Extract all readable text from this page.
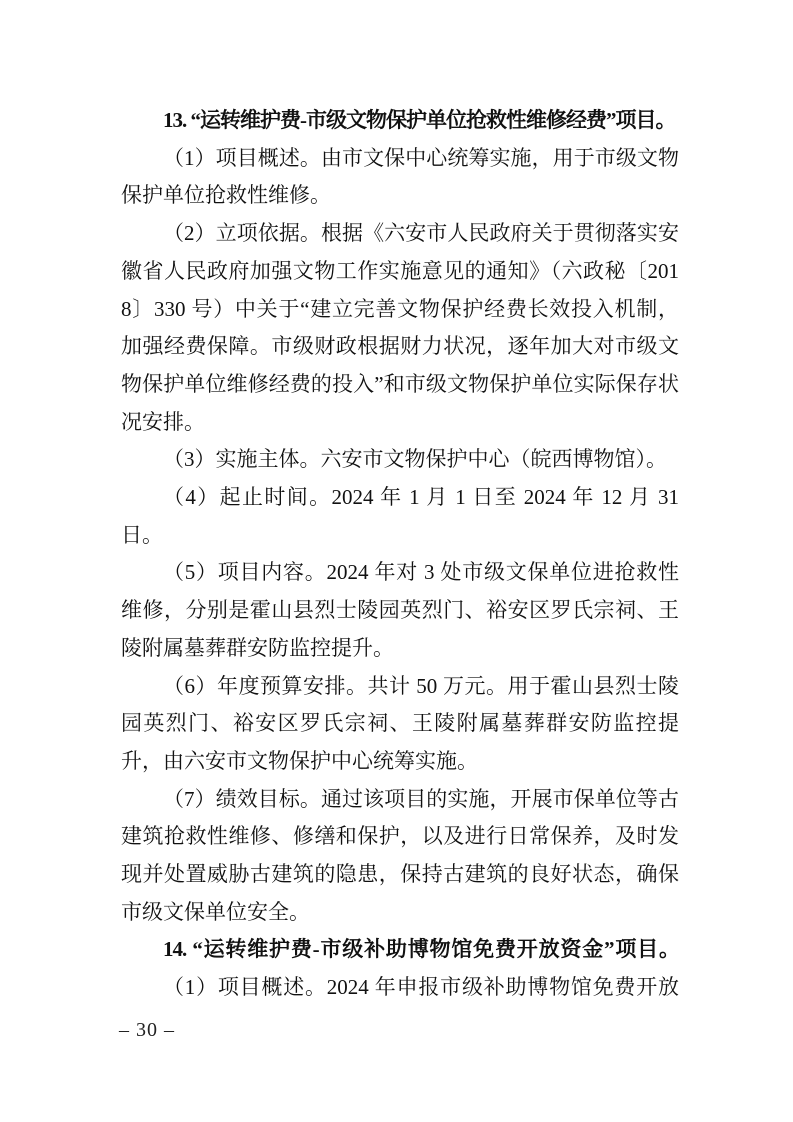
13. “运转维护费-市级文物保护单位抢救性维修经费”项目。

（1）项目概述。由市文保中心统筹实施，用于市级文物保护单位抢救性维修。

（2）立项依据。根据《六安市人民政府关于贯彻落实安徽省人民政府加强文物工作实施意见的通知》（六政秘〔2018〕330 号）中关于“建立完善文物保护经费长效投入机制，加强经费保障。市级财政根据财力状况，逐年加大对市级文物保护单位维修经费的投入”和市级文物保护单位实际保存状况安排。

（3）实施主体。六安市文物保护中心（皖西博物馆）。

（4）起止时间。2024 年 1 月 1 日至 2024 年 12 月 31 日。

（5）项目内容。2024 年对 3 处市级文保单位进抢救性维修，分别是霍山县烈士陵园英烈门、裕安区罗氏宗祠、王陵附属墓葬群安防监控提升。

（6）年度预算安排。共计 50 万元。用于霍山县烈士陵园英烈门、裕安区罗氏宗祠、王陵附属墓葬群安防监控提升，由六安市文物保护中心统筹实施。

（7）绩效目标。通过该项目的实施，开展市保单位等古建筑抢救性维修、修缮和保护，以及进行日常保养，及时发现并处置威胁古建筑的隐患，保持古建筑的良好状态，确保市级文保单位安全。

14. “运转维护费-市级补助博物馆免费开放资金”项目。

（1）项目概述。2024 年申报市级补助博物馆免费开放

– 30 –
